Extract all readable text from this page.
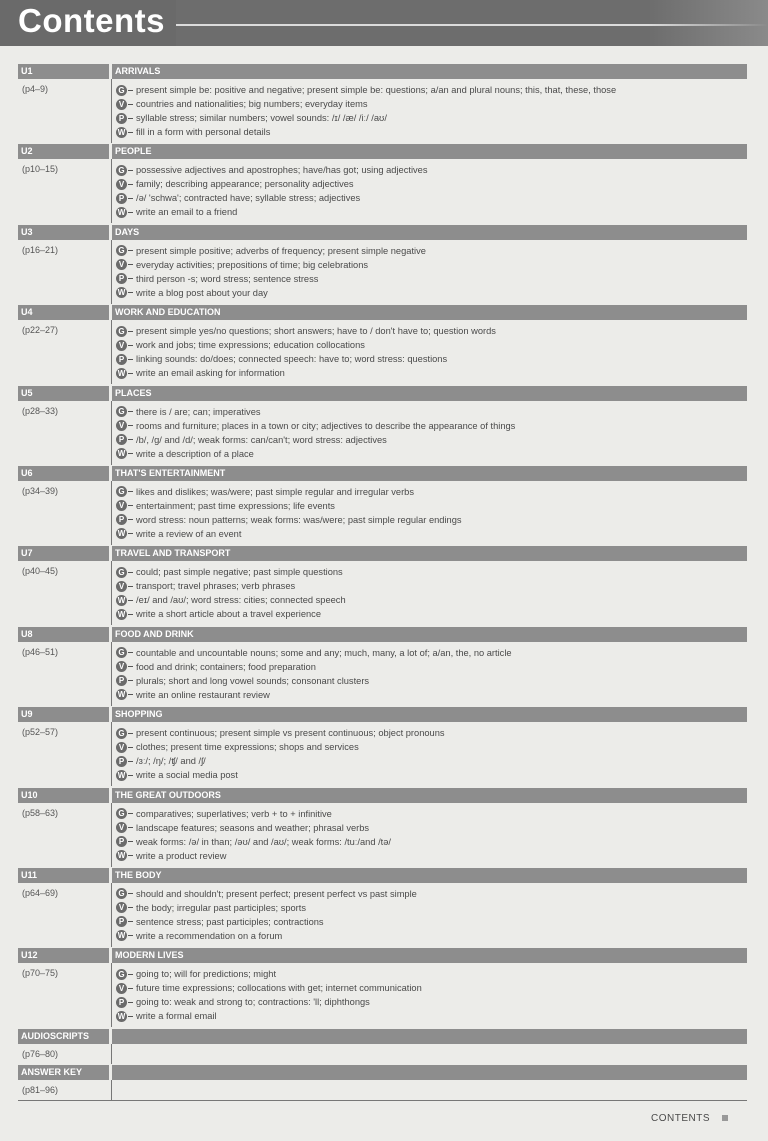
Contents
U1	ARRIVALS
(p4–9)	G present simple be: positive and negative; present simple be: questions; a/an and plural nouns; this, that, these, those
V	countries and nationalities; big numbers; everyday items
P	syllable stress; similar numbers; vowel sounds: /ɪ/ /æ/ /iː/ /aʊ/
W fill in a form with personal details
U2	PEOPLE
(p10–15)	G possessive adjectives and apostrophes; have/has got; using adjectives
V	family; describing appearance; personality adjectives
P	/ə/ 'schwa'; contracted have; syllable stress; adjectives
W write an email to a friend
U3	DAYS
(p16–21)	G present simple positive; adverbs of frequency; present simple negative
V	everyday activities; prepositions of time; big celebrations
P	third person -s; word stress; sentence stress
W write a blog post about your day
U4	WORK AND EDUCATION
(p22–27)	G present simple yes/no questions; short answers; have to / don't have to; question words
V	work and jobs; time expressions; education collocations
P	linking sounds: do/does; connected speech: have to; word stress: questions
W write an email asking for information
U5	PLACES
(p28–33)	G there is / are; can; imperatives
V	rooms and furniture; places in a town or city; adjectives to describe the appearance of things
P	/b/, /g/ and /d/; weak forms: can/can't; word stress: adjectives
W write a description of a place
U6	THAT'S ENTERTAINMENT
(p34–39)	G likes and dislikes; was/were; past simple regular and irregular verbs
V	entertainment; past time expressions; life events
P	word stress: noun patterns; weak forms: was/were; past simple regular endings
W write a review of an event
U7	TRAVEL AND TRANSPORT
(p40–45)	G could; past simple negative; past simple questions
V	transport; travel phrases; verb phrases
W /eɪ/ and /aʊ/; word stress: cities; connected speech
W write a short article about a travel experience
U8	FOOD AND DRINK
(p46–51)	G countable and uncountable nouns; some and any; much, many, a lot of; a/an, the, no article
V	food and drink; containers; food preparation
P	plurals; short and long vowel sounds; consonant clusters
W write an online restaurant review
U9	SHOPPING
(p52–57)	G present continuous; present simple vs present continuous; object pronouns
V	clothes; present time expressions; shops and services
P	/ɜː/; /ŋ/; /ʧ/ and /ʃ/
W write a social media post
U10	THE GREAT OUTDOORS
(p58–63)	G comparatives; superlatives; verb + to + infinitive
V	landscape features; seasons and weather; phrasal verbs
P	weak forms: /ə/ in than; /əʊ/ and /aʊ/; weak forms: /tuː/and /tə/
W write a product review
U11	THE BODY
(p64–69)	G should and shouldn't; present perfect; present perfect vs past simple
V	the body; irregular past participles; sports
P	sentence stress; past participles; contractions
W write a recommendation on a forum
U12	MODERN LIVES
(p70–75)	G going to; will for predictions; might
V	future time expressions; collocations with get; internet communication
P	going to: weak and strong to; contractions: 'll; diphthongs
W write a formal email
AUDIOSCRIPTS
(p76–80)
ANSWER KEY
(p81–96)
CONTENTS
